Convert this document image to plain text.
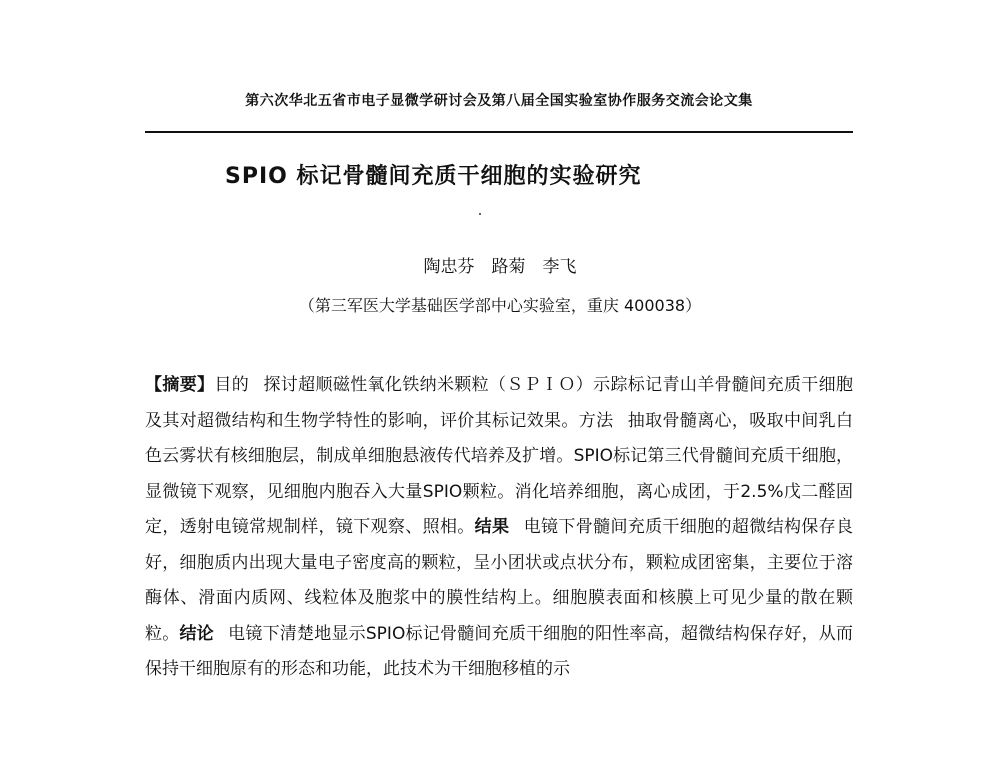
第六次华北五省市电子显微学研讨会及第八届全国实验室协作服务交流会论文集
SPIO 标记骨髓间充质干细胞的实验研究
陶忠芬　路菊　李飞
（第三军医大学基础医学部中心实验室，重庆 400038）
【摘要】目的 探讨超顺磁性氧化铁纳米颗粒（ＳＰＩＯ）示踪标记青山羊骨髓间充质干细胞及其对超微结构和生物学特性的影响，评价其标记效果。方法 抽取骨髓离心，吸取中间乳白色云雾状有核细胞层，制成单细胞悬液传代培养及扩增。SPIO标记第三代骨髓间充质干细胞，显微镜下观察，见细胞内胞吞入大量SPIO颗粒。消化培养细胞，离心成团，于2.5%戊二醛固定，透射电镜常规制样，镜下观察、照相。结果 电镜下骨髓间充质干细胞的超微结构保存良好，细胞质内出现大量电子密度高的颗粒，呈小团状或点状分布，颗粒成团密集，主要位于溶酶体、滑面内质网、线粒体及胞浆中的膜性结构上。细胞膜表面和核膜上可见少量的散在颗粒。结论 电镜下清楚地显示SPIO标记骨髓间充质干细胞的阳性率高，超微结构保存好，从而保持干细胞原有的形态和功能，此技术为干细胞移植的示
